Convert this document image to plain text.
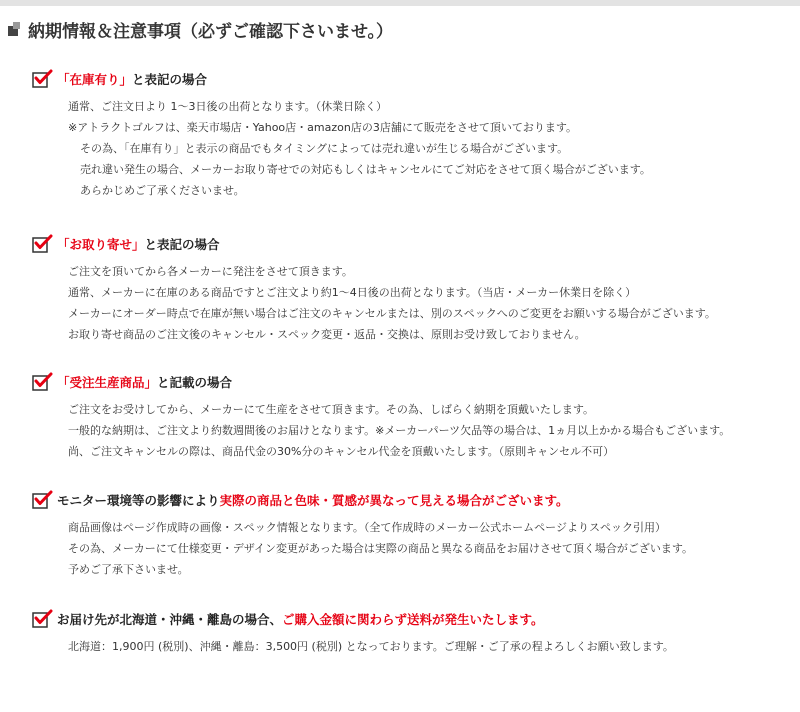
納期情報＆注意事項（必ずご確認下さいませ。）
「在庫有り」 と表記の場合
通常、ご注文日より 1〜3日後の出荷となります。（休業日除く）
※アトラクトゴルフは、楽天市場店・Yahoo店・amazon店の3店舗にて販売をさせて頂いております。
その為、「在庫有り」と表示の商品でもタイミングによっては売れ違いが生じる場合がございます。
売れ違い発生の場合、メーカーお取り寄せでの対応もしくはキャンセルにてご対応をさせて頂く場合がございます。
あらかじめご了承くださいませ。
「お取り寄せ」 と表記の場合
ご注文を頂いてから各メーカーに発注をさせて頂きます。
通常、メーカーに在庫のある商品ですとご注文より約1〜4日後の出荷となります。（当店・メーカー休業日を除く）
メーカーにオーダー時点で在庫が無い場合はご注文のキャンセルまたは、別のスペックへのご変更をお願いする場合がございます。
お取り寄せ商品のご注文後のキャンセル・スペック変更・返品・交換は、原則お受け致しておりません。
「受注生産商品」 と記載の場合
ご注文をお受けしてから、メーカーにて生産をさせて頂きます。その為、しばらく納期を頂戴いたします。
一般的な納期は、ご注文より約数週間後のお届けとなります。※メーカーパーツ欠品等の場合は、1ヵ月以上かかる場合もございます。
尚、ご注文キャンセルの際は、商品代金の30%分のキャンセル代金を頂戴いたします。（原則キャンセル不可）
モニター環境等の影響により 実際の商品と色味・質感が異なって見える場合がございます。
商品画像はページ作成時の画像・スペック情報となります。（全て作成時のメーカー公式ホームページよりスペック引用）
その為、メーカーにて仕様変更・デザイン変更があった場合は実際の商品と異なる商品をお届けさせて頂く場合がございます。
予めご了承下さいませ。
お届け先が北海道・沖縄・離島の場合、 ご購入金額に関わらず送料が発生いたします。
北海道：1,900円 (税別)、沖縄・離島：3,500円 (税別) となっております。ご理解・ご了承の程よろしくお願い致します。
